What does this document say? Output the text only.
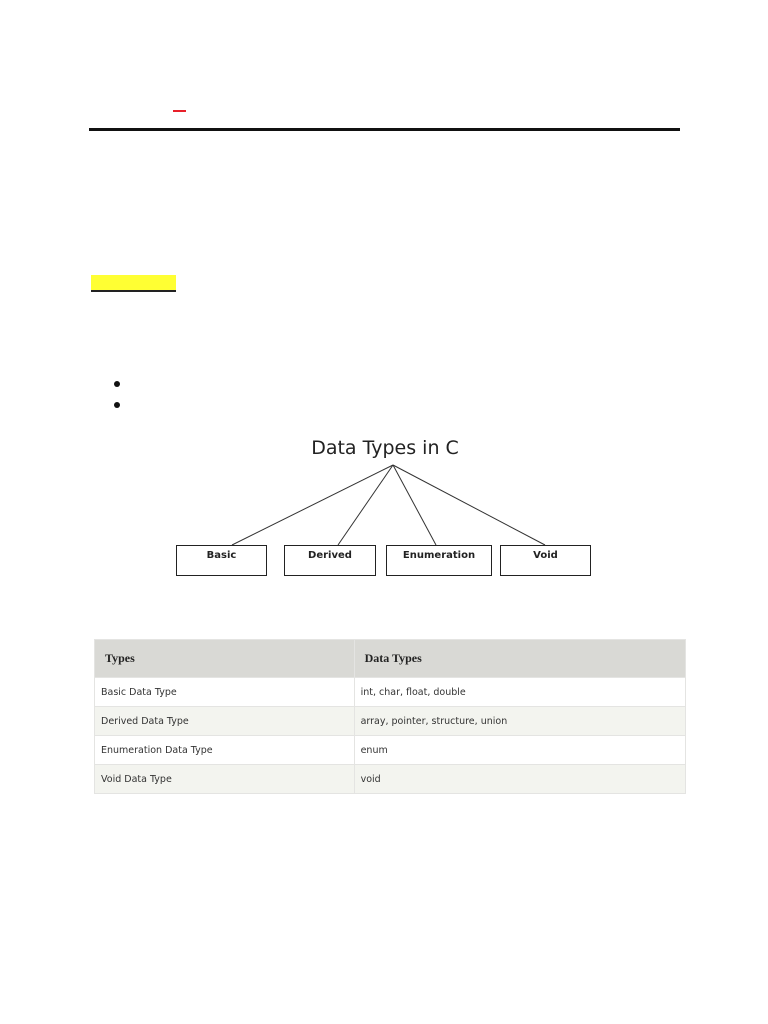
Data Types in C
Basic	Derived	Enumeration	Void
Types	Data Types
Basic Data Type	int, char, float, double
Derived Data Type	array, pointer, structure, union
Enumeration Data Type	enum
Void Data Type	void
